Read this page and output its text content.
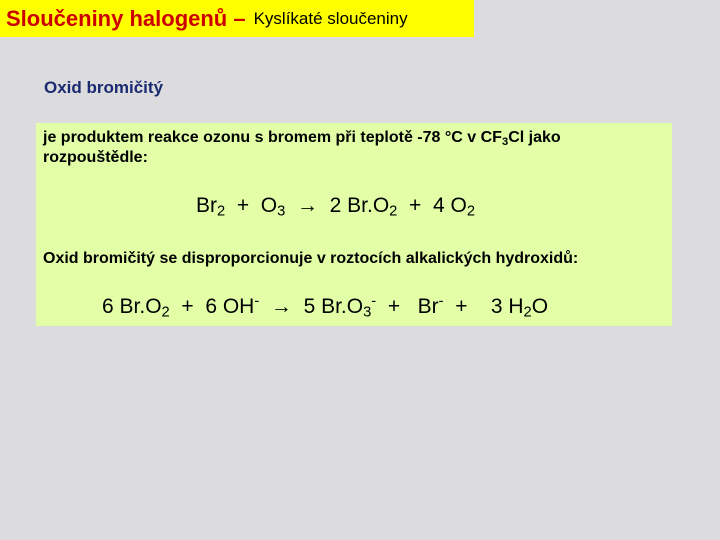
Sloučeniny halogenů – Kyslíkaté sloučeniny
Oxid bromičitý
je produktem reakce ozonu s bromem při teplotě -78 °C v $CF_3Cl$ jako rozpouštědle:
$Br_2 + O_3 \to 2$ $Br.O_2 + 4$ $O_2$
Oxid bromičitý se disproporcionuje v roztocích alkalických hydroxidů:
6 $Br.O_2 + 6$ OH- → 5 $Br.O_3^- + Br^- + 3$ $H_2O$
